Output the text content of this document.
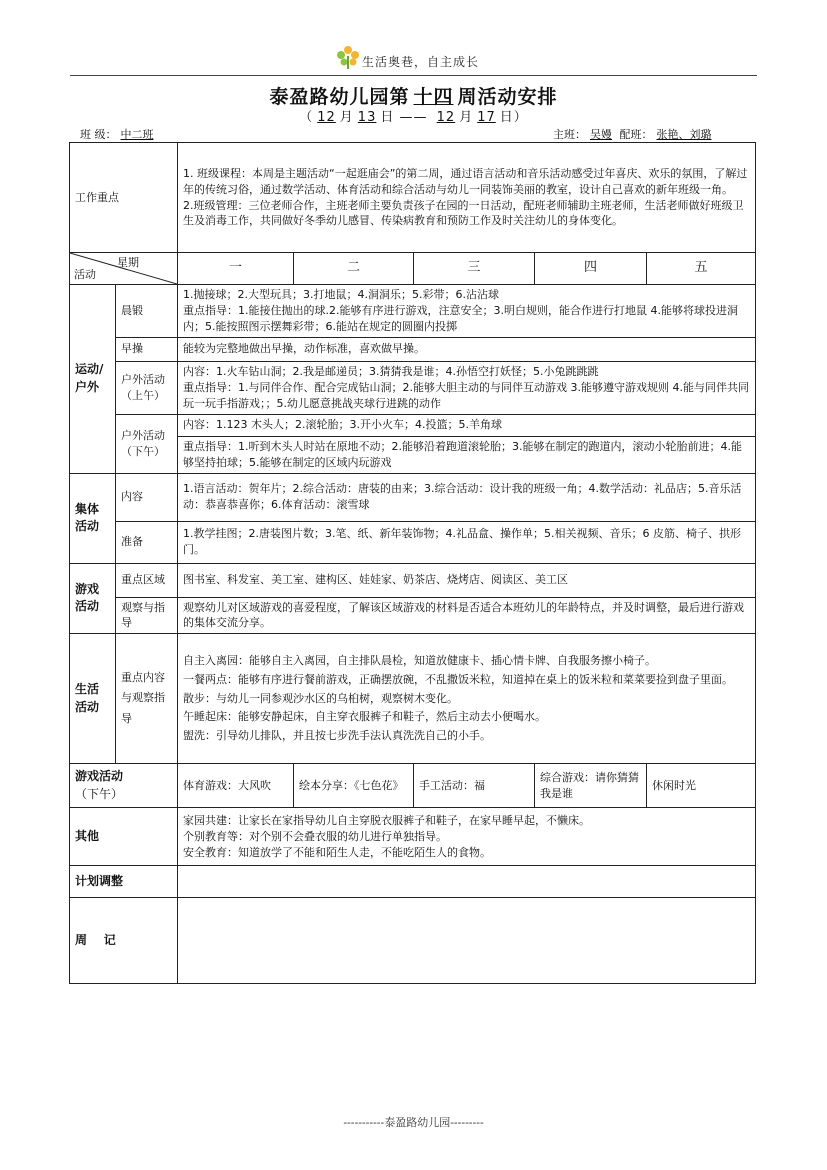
生活奥巷，自主成长
泰盈路幼儿园第 十四 周活动安排
（ 12 月 13 日 —— 12 月 17 日）
班 级： 中二班	主班： 吴嫚 配班： 张艳、刘璐
工作重点		1. 班级课程：本周是主题活动“一起逛庙会”的第二周，通过语言活动和音乐活动感受过年喜庆、欢乐的氛围，了解过年的传统习俗，通过数学活动、体育活动和综合活动与幼儿一同装饰美丽的教室，设计自己喜欢的新年班级一角。

2.班级管理：三位老师合作，主班老师主要负责孩子在园的一日活动，配班老师辅助主班老师，生活老师做好班级卫生及消毒工作，共同做好冬季幼儿感冒、传染病教育和预防工作及时关注幼儿的身体变化。				

星期
活动		一	二	三	四	五
运动/户外	晨锻	1.抛接球；2.大型玩具；3.打地鼠；4.洞洞乐；5.彩带；6.沾沾球

重点指导：1.能接住抛出的球.2.能够有序进行游戏，注意安全；3.明白规则，能合作进行打地鼠 4.能够将球投进洞内；5.能按照图示摆舞彩带；6.能站在规定的圆圈内投掷				

	早操	能较为完整地做出早操，动作标准，喜欢做早操。				
	户外活动（上午）	内容：1.火车钻山洞；2.我是邮递员；3.猜猜我是谁；4.孙悟空打妖怪；5.小兔跳跳跳

重点指导：1.与同伴合作、配合完成钻山洞；2.能够大胆主动的与同伴互动游戏 3.能够遵守游戏规则 4.能与同伴共同玩一玩手指游戏；；5.幼儿愿意挑战夹球行进跳的动作				

	户外活动（下午）	内容：1.123 木头人；2.滚轮胎；3.开小火车；4.投篮；5.羊角球				
		重点指导：1.听到木头人时站在原地不动；2.能够沿着跑道滚轮胎；3.能够在制定的跑道内，滚动小轮胎前进；4.能够坚持拍球；5.能够在制定的区域内玩游戏				
集体活动	内容	1.语言活动：贺年片；2.综合活动：唐装的由来；3.综合活动：设计我的班级一角；4.数学活动：礼品店；5.音乐活动：恭喜恭喜你；6.体育活动：滚雪球				
	准备	1.教学挂图；2.唐装图片数；3.笔、纸、新年装饰物；4.礼品盒、操作单；5.相关视频、音乐；6 皮筋、椅子、拱形门。				
游戏活动	重点区域	图书室、科发室、美工室、建构区、娃娃家、奶茶店、烧烤店、阅读区、美工区				
	观察与指导	观察幼儿对区域游戏的喜爱程度，了解该区域游戏的材料是否适合本班幼儿的年龄特点，并及时调整，最后进行游戏的集体交流分享。				
生活活动	重点内容与观察指导	自主入离园：能够自主入离园，自主排队晨检，知道放健康卡、插心情卡牌、自我服务擦小椅子。

一餐两点：能够有序进行餐前游戏，正确摆放碗，不乱撒饭米粒，知道掉在桌上的饭米粒和菜菜要捡到盘子里面。

散步：与幼儿一同参观沙水区的乌桕树，观察树木变化。

午睡起床：能够安静起床，自主穿衣服裤子和鞋子，然后主动去小便喝水。

盥洗：引导幼儿排队，并且按七步洗手法认真洗洗自己的小手。				

游戏活动
（下午）		体育游戏：大风吹	绘本分享：《七色花》	手工活动：福	综合游戏：请你猜猜我是谁	休闲时光
其他		家园共建：让家长在家指导幼儿自主穿脱衣服裤子和鞋子，在家早睡早起，不懒床。

个别教育等：对个别不会叠衣服的幼儿进行单独指导。

安全教育：知道放学了不能和陌生人走，不能吃陌生人的食物。				

计划调整						
周    记						
-----------泰盈路幼儿园---------
